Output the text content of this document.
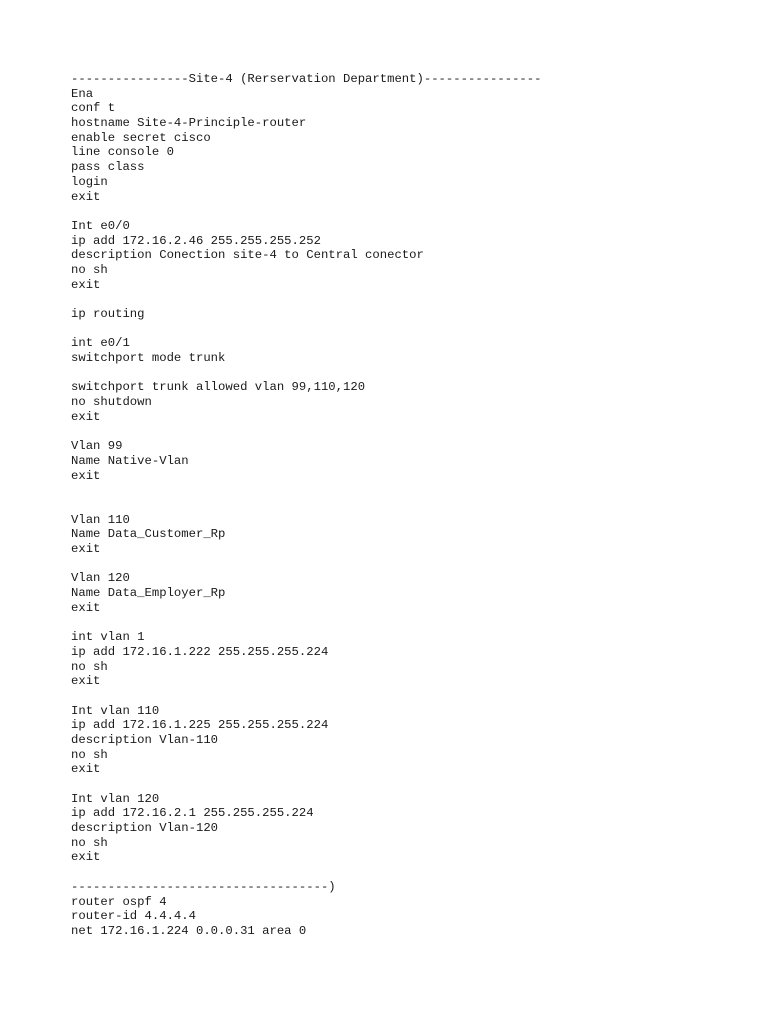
----------------Site-4 (Rerservation Department)----------------
Ena
conf t
hostname Site-4-Principle-router
enable secret cisco
line console 0
pass class
login
exit
Int e0/0
ip add 172.16.2.46 255.255.255.252
description Conection site-4 to Central conector
no sh
exit
ip routing
int e0/1
switchport mode trunk
switchport trunk allowed vlan 99,110,120
no shutdown
exit
Vlan 99
Name Native-Vlan
exit
Vlan 110
Name Data_Customer_Rp
exit
Vlan 120
Name Data_Employer_Rp
exit
int vlan 1
ip add 172.16.1.222 255.255.255.224
no sh
exit
Int vlan 110
ip add 172.16.1.225 255.255.255.224
description Vlan-110
no sh
exit
Int vlan 120
ip add 172.16.2.1 255.255.255.224
description Vlan-120
no sh
exit
-----------------------------------)
router ospf 4
router-id 4.4.4.4
net 172.16.1.224 0.0.0.31 area 0
